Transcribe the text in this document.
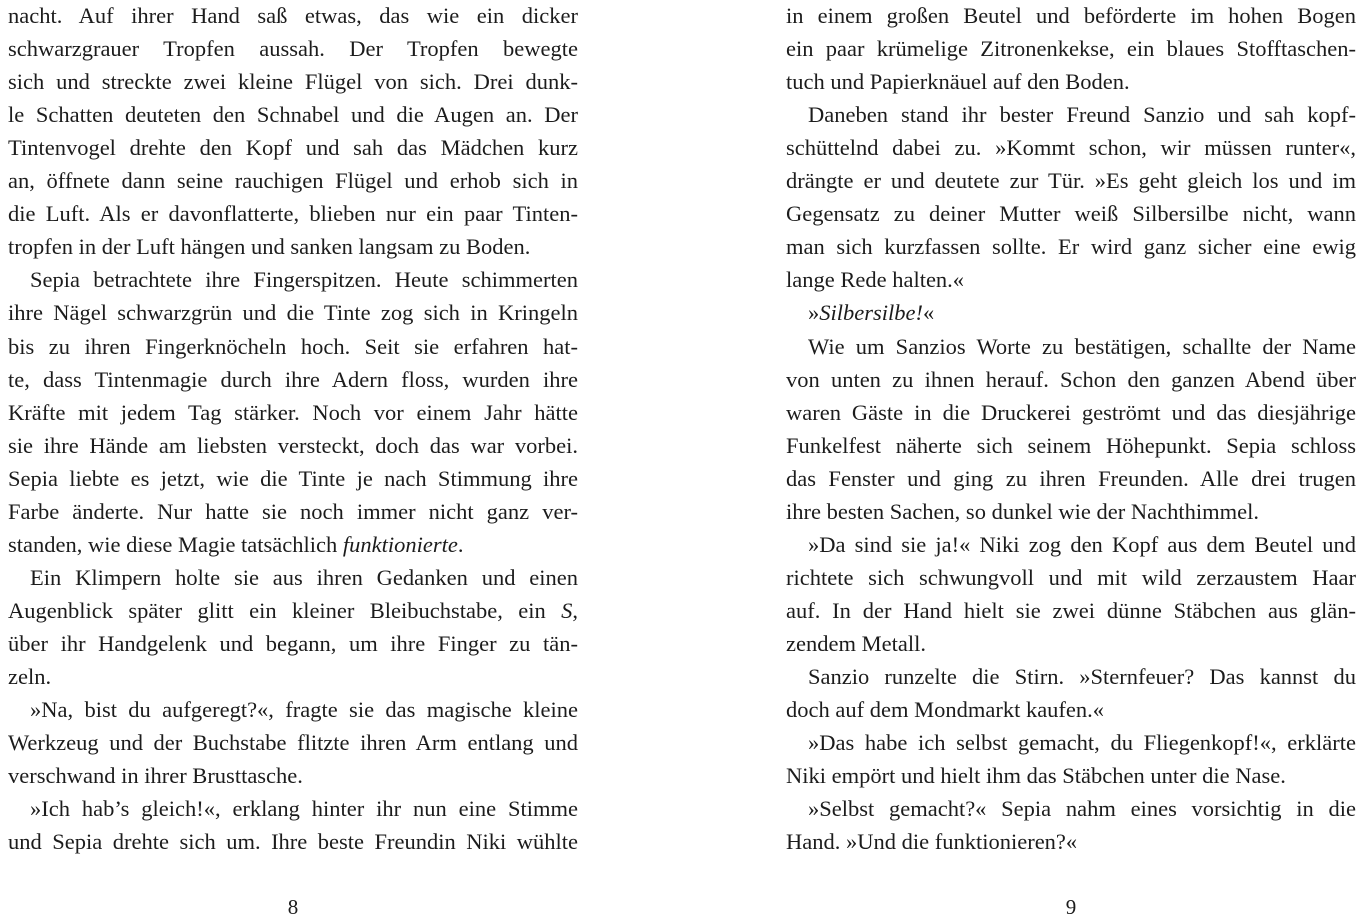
nacht. Auf ihrer Hand saß etwas, das wie ein dicker
schwarzgrauer Tropfen aussah. Der Tropfen bewegte
sich und streckte zwei kleine Flügel von sich. Drei dunk-
le Schatten deuteten den Schnabel und die Augen an. Der
Tintenvogel drehte den Kopf und sah das Mädchen kurz
an, öffnete dann seine rauchigen Flügel und erhob sich in
die Luft. Als er davonflatterte, blieben nur ein paar Tinten-
tropfen in der Luft hängen und sanken langsam zu Boden.
Sepia betrachtete ihre Fingerspitzen. Heute schimmerten
ihre Nägel schwarzgrün und die Tinte zog sich in Kringeln
bis zu ihren Fingerknöcheln hoch. Seit sie erfahren hat-
te, dass Tintenmagie durch ihre Adern floss, wurden ihre
Kräfte mit jedem Tag stärker. Noch vor einem Jahr hätte
sie ihre Hände am liebsten versteckt, doch das war vorbei.
Sepia liebte es jetzt, wie die Tinte je nach Stimmung ihre
Farbe änderte. Nur hatte sie noch immer nicht ganz ver-
standen, wie diese Magie tatsächlich funktionierte.
Ein Klimpern holte sie aus ihren Gedanken und einen
Augenblick später glitt ein kleiner Bleibuchstabe, ein S,
über ihr Handgelenk und begann, um ihre Finger zu tän-
zeln.
»Na, bist du aufgeregt?«, fragte sie das magische kleine
Werkzeug und der Buchstabe flitzte ihren Arm entlang und
verschwand in ihrer Brusttasche.
»Ich hab’s gleich!«, erklang hinter ihr nun eine Stimme
und Sepia drehte sich um. Ihre beste Freundin Niki wühlte
8
in einem großen Beutel und beförderte im hohen Bogen
ein paar krümelige Zitronenkekse, ein blaues Stofftaschen-
tuch und Papierknäuel auf den Boden.
Daneben stand ihr bester Freund Sanzio und sah kopf-
schüttelnd dabei zu. »Kommt schon, wir müssen runter«,
drängte er und deutete zur Tür. »Es geht gleich los und im
Gegensatz zu deiner Mutter weiß Silbersilbe nicht, wann
man sich kurzfassen sollte. Er wird ganz sicher eine ewig
lange Rede halten.«
»Silbersilbe!«
Wie um Sanzios Worte zu bestätigen, schallte der Name
von unten zu ihnen herauf. Schon den ganzen Abend über
waren Gäste in die Druckerei geströmt und das diesjährige
Funkelfest näherte sich seinem Höhepunkt. Sepia schloss
das Fenster und ging zu ihren Freunden. Alle drei trugen
ihre besten Sachen, so dunkel wie der Nachthimmel.
»Da sind sie ja!« Niki zog den Kopf aus dem Beutel und
richtete sich schwungvoll und mit wild zerzaustem Haar
auf. In der Hand hielt sie zwei dünne Stäbchen aus glän-
zendem Metall.
Sanzio runzelte die Stirn. »Sternfeuer? Das kannst du
doch auf dem Mondmarkt kaufen.«
»Das habe ich selbst gemacht, du Fliegenkopf!«, erklärte
Niki empört und hielt ihm das Stäbchen unter die Nase.
»Selbst gemacht?« Sepia nahm eines vorsichtig in die
Hand. »Und die funktionieren?«
9
